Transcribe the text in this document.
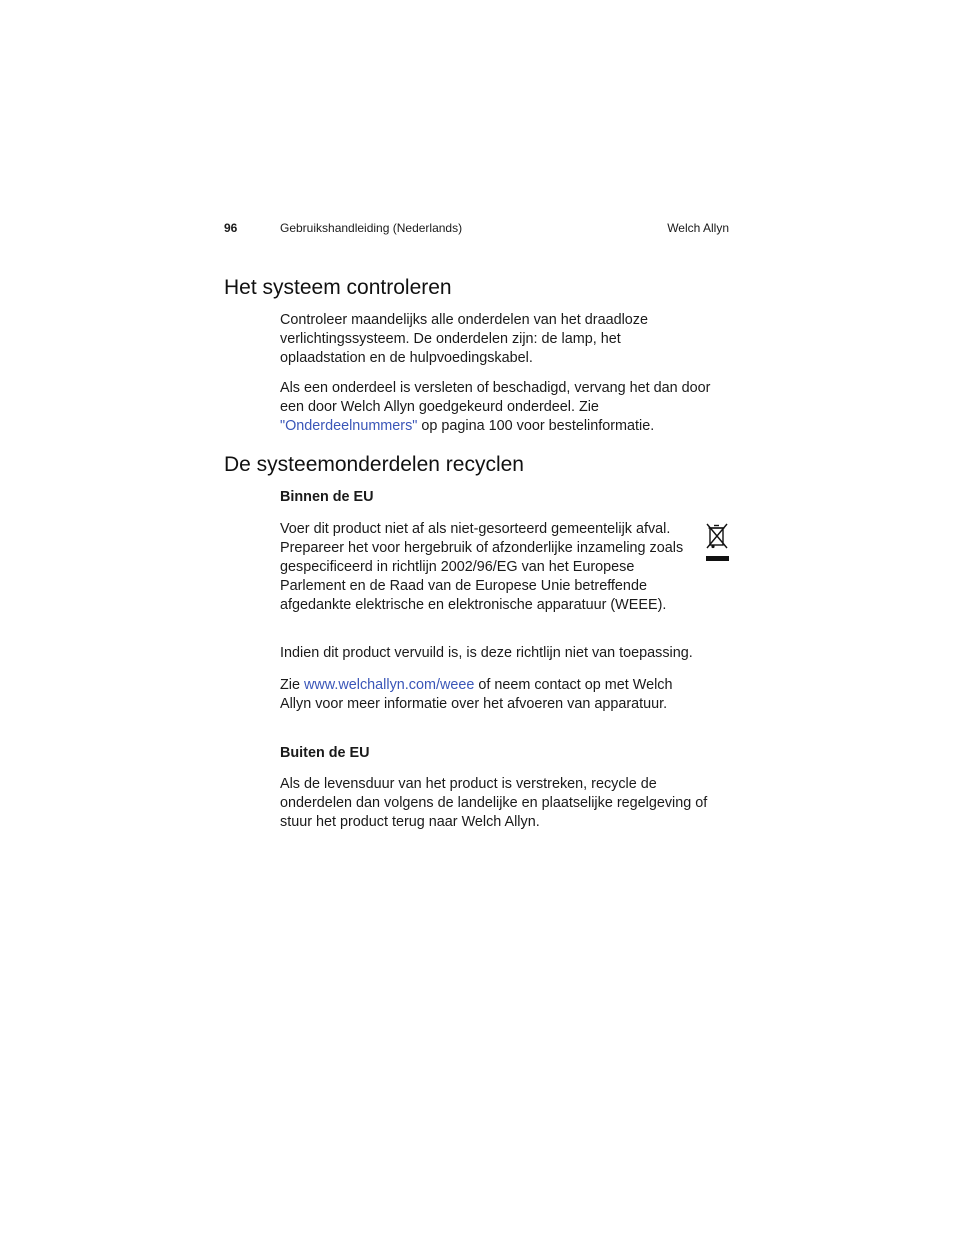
96	Gebruikshandleiding (Nederlands)	Welch Allyn
Het systeem controleren

Controleer maandelijks alle onderdelen van het draadloze verlichtingssysteem. De onderdelen zijn: de lamp, het oplaadstation en de hulpvoedingskabel.

Als een onderdeel is versleten of beschadigd, vervang het dan door een door Welch Allyn goedgekeurd onderdeel. Zie "Onderdeelnummers" op pagina 100 voor bestelinformatie.

De systeemonderdelen recyclen

Binnen de EU

Voer dit product niet af als niet-gesorteerd gemeentelijk afval. Prepareer het voor hergebruik of afzonderlijke inzameling zoals gespecificeerd in richtlijn 2002/96/EG van het Europese Parlement en de Raad van de Europese Unie betreffende afgedankte elektrische en elektronische apparatuur (WEEE).

Indien dit product vervuild is, is deze richtlijn niet van toepassing.

Zie www.welchallyn.com/weee of neem contact op met Welch Allyn voor meer informatie over het afvoeren van apparatuur.

Buiten de EU

Als de levensduur van het product is verstreken, recycle de onderdelen dan volgens de landelijke en plaatselijke regelgeving of stuur het product terug naar Welch Allyn.
